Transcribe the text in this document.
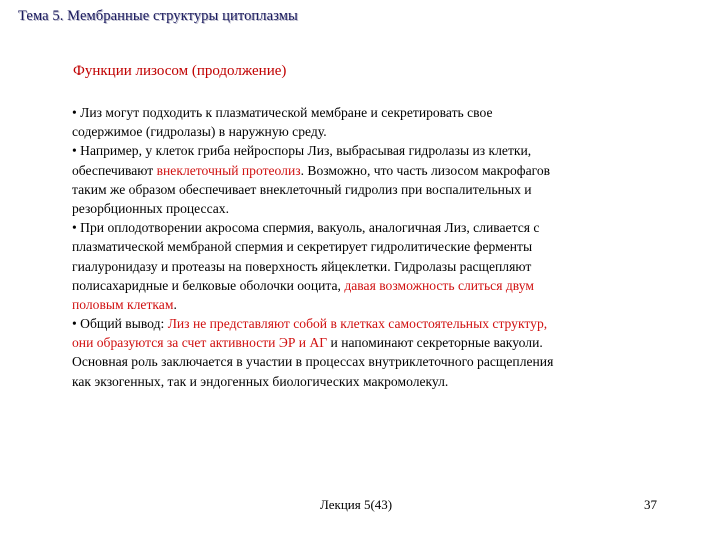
Тема 5. Мембранные структуры цитоплазмы
Функции лизосом (продолжение)
• Лиз могут подходить к плазматической мембране и секретировать свое
содержимое (гидролазы) в наружную среду.
• Например, у клеток гриба нейроспоры Лиз, выбрасывая гидролазы из клетки,
обеспечивают внеклеточный протеолиз. Возможно, что часть лизосом макрофагов
таким же образом обеспечивает внеклеточный гидролиз при воспалительных и
резорбционных процессах.
• При оплодотворении акросома спермия, вакуоль, аналогичная Лиз, сливается с
плазматической мембраной спермия и секретирует гидролитические ферменты
гиалуронидазу и протеазы на поверхность яйцеклетки. Гидролазы расщепляют
полисахаридные и белковые оболочки ооцита, давая возможность слиться двум
половым клеткам.
• Общий вывод: Лиз не представляют собой в клетках самостоятельных структур,
они образуются за счет активности ЭР и АГ и напоминают секреторные вакуоли.
Основная роль заключается в участии в процессах внутриклеточного расщепления
как экзогенных, так и эндогенных биологических макромолекул.
Лекция 5(43)	37
